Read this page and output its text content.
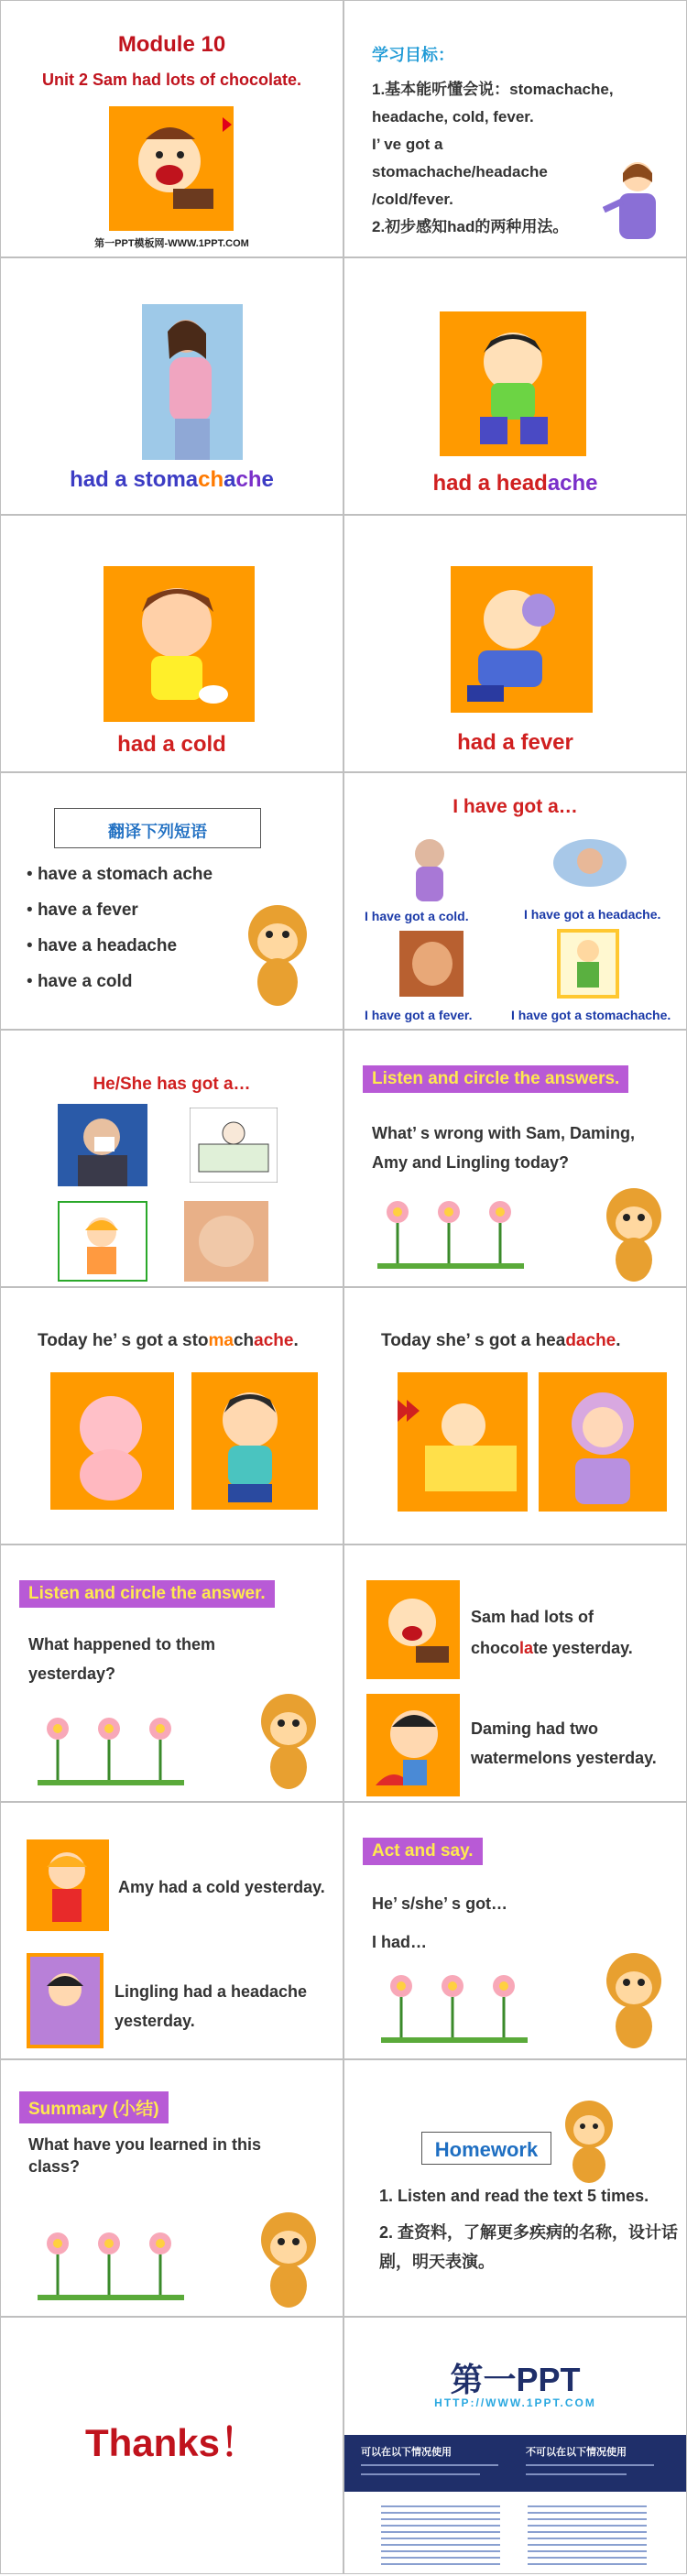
Module 10
Unit 2 Sam had lots of chocolate.
第一PPT模板网-WWW.1PPT.COM
学习目标：
1.基本能听懂会说：stomachache,
headache, cold, fever.
I’ ve got a
stomachache/headache
/cold/fever.
2.初步感知had的两种用法。
had a stomachache	had a headache
had a cold	had a fever
翻译下列短语
• have a stomach ache
• have a fever
• have a headache
• have a cold
I have got a…
I have got a cold.	I have got a headache.
I have got a fever.	I have got a stomachache.
He/She has got a…	Listen and circle the answers.
What’ s wrong with Sam, Daming, Amy and Lingling today?
Today he’ s got a stomachache.	Today she’ s got a headache.
Listen and circle the answer.
What happened to them yesterday?
Sam had lots of
chocolate yesterday.
Daming had two watermelons yesterday.
Amy had a cold yesterday.
Lingling had a headache yesterday.
Act and say.
He’ s/she’ s got…
I had…
Summary (小结)
What have you learned in this class?
Homework
1. Listen and read the text 5 times.
2. 查资料，了解更多疾病的名称，设计话剧，明天表演。
Thanks！
第一PPT
HTTP://WWW.1PPT.COM
可以在以下情况使用	不可以在以下情况使用
